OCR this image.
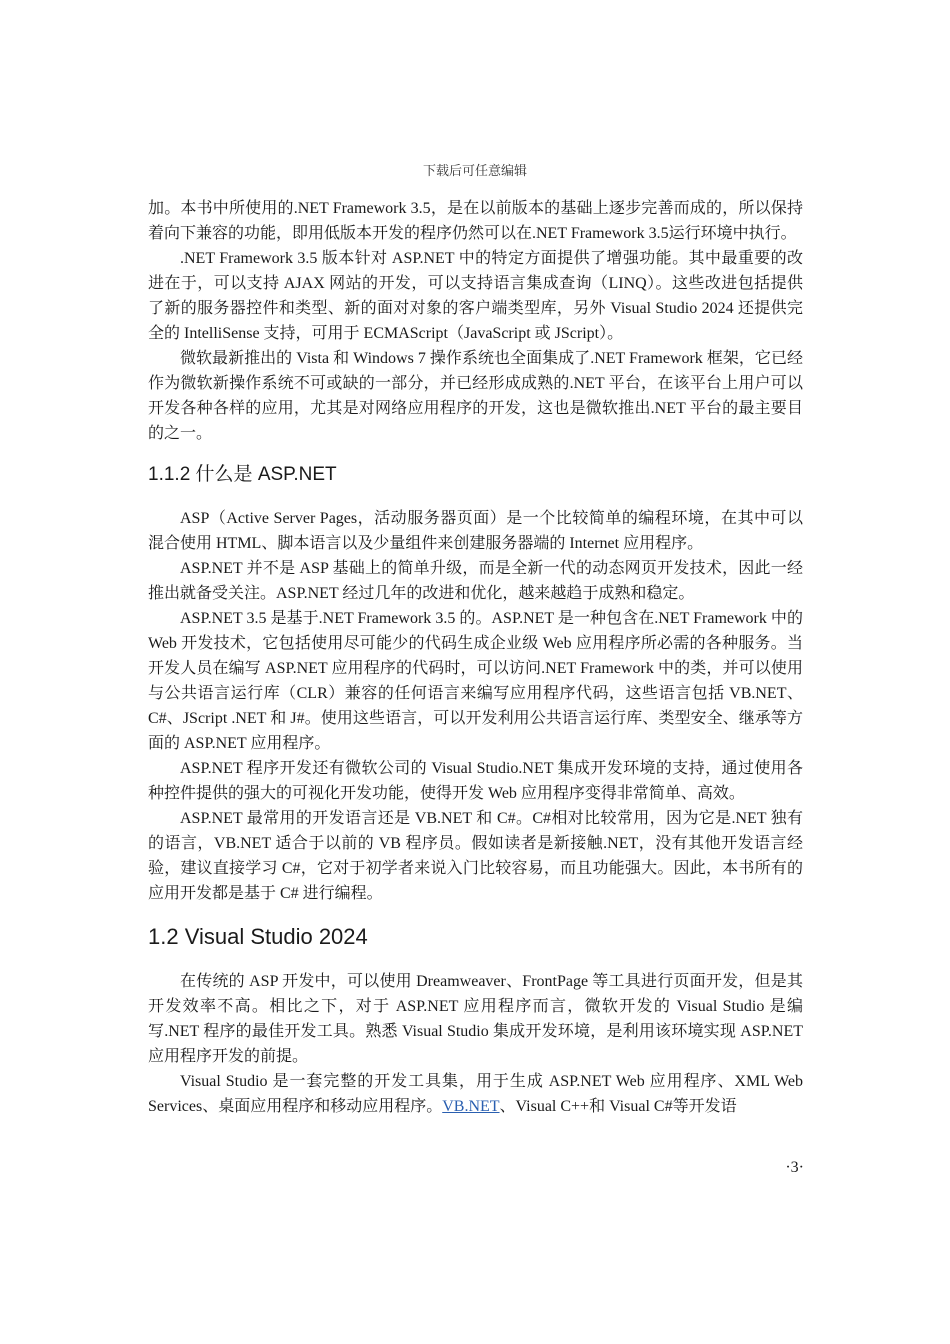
下载后可任意编辑

加。本书中所使用的.NET Framework 3.5，是在以前版本的基础上逐步完善而成的，所以保持着向下兼容的功能，即用低版本开发的程序仍然可以在.NET Framework 3.5运行环境中执行。

.NET Framework 3.5 版本针对 ASP.NET 中的特定方面提供了增强功能。其中最重要的改进在于，可以支持 AJAX 网站的开发，可以支持语言集成查询（LINQ）。这些改进包括提供了新的服务器控件和类型、新的面对对象的客户端类型库，另外 Visual Studio 2024 还提供完全的 IntelliSense 支持，可用于 ECMAScript（JavaScript 或 JScript）。

微软最新推出的 Vista 和 Windows 7 操作系统也全面集成了.NET Framework 框架，它已经作为微软新操作系统不可或缺的一部分，并已经形成成熟的.NET 平台，在该平台上用户可以开发各种各样的应用，尤其是对网络应用程序的开发，这也是微软推出.NET 平台的最主要目的之一。

1.1.2 什么是 ASP.NET

ASP（Active Server Pages，活动服务器页面）是一个比较简单的编程环境，在其中可以混合使用 HTML、脚本语言以及少量组件来创建服务器端的 Internet 应用程序。

ASP.NET 并不是 ASP 基础上的简单升级，而是全新一代的动态网页开发技术，因此一经推出就备受关注。ASP.NET 经过几年的改进和优化，越来越趋于成熟和稳定。

ASP.NET 3.5 是基于.NET Framework 3.5 的。ASP.NET 是一种包含在.NET Framework 中的 Web 开发技术，它包括使用尽可能少的代码生成企业级 Web 应用程序所必需的各种服务。当开发人员在编写 ASP.NET 应用程序的代码时，可以访问.NET Framework 中的类，并可以使用与公共语言运行库（CLR）兼容的任何语言来编写应用程序代码，这些语言包括 VB.NET、C#、JScript .NET 和 J#。使用这些语言，可以开发利用公共语言运行库、类型安全、继承等方面的 ASP.NET 应用程序。

ASP.NET 程序开发还有微软公司的 Visual Studio.NET 集成开发环境的支持，通过使用各种控件提供的强大的可视化开发功能，使得开发 Web 应用程序变得非常简单、高效。

ASP.NET 最常用的开发语言还是 VB.NET 和 C#。C#相对比较常用，因为它是.NET 独有的语言，VB.NET 适合于以前的 VB 程序员。假如读者是新接触.NET，没有其他开发语言经验，建议直接学习 C#，它对于初学者来说入门比较容易，而且功能强大。因此，本书所有的应用开发都是基于 C# 进行编程。

1.2 Visual Studio 2024

在传统的 ASP 开发中，可以使用 Dreamweaver、FrontPage 等工具进行页面开发，但是其开发效率不高。相比之下，对于 ASP.NET 应用程序而言，微软开发的 Visual Studio 是编写.NET 程序的最佳开发工具。熟悉 Visual Studio 集成开发环境，是利用该环境实现 ASP.NET 应用程序开发的前提。

Visual Studio 是一套完整的开发工具集，用于生成 ASP.NET Web 应用程序、XML Web Services、桌面应用程序和移动应用程序。VB.NET、Visual C++和 Visual C#等开发语

·3·
